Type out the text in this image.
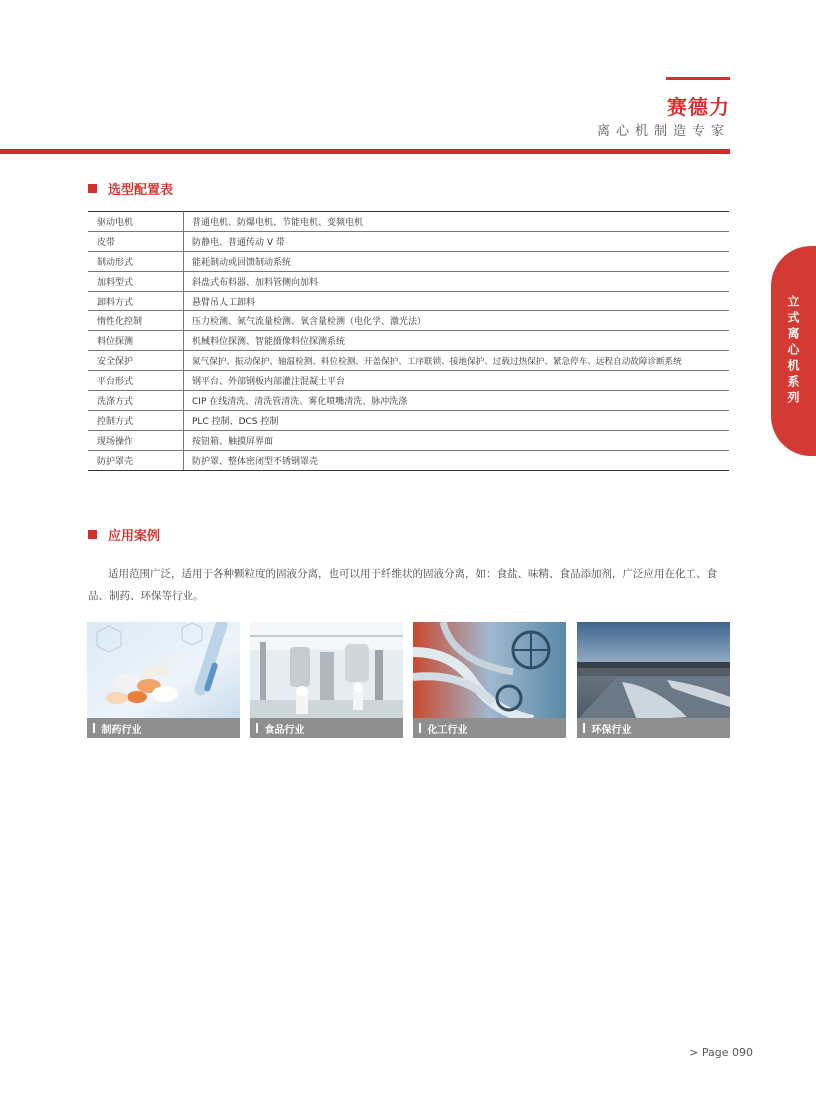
赛德力
离心机制造专家
立式离心机系列
选型配置表
驱动电机	普通电机、防爆电机、节能电机、变频电机
皮带	防静电、普通传动 V 带
制动形式	能耗制动或回馈制动系统
加料型式	斜盘式布料器、加料管侧向加料
卸料方式	悬臂吊人工卸料
惰性化控制	压力检测、氮气流量检测、氧含量检测（电化学、激光法）
料位探测	机械料位探测、智能摄像料位探测系统
安全保护	氮气保护、振动保护、轴温检测、料位检测、开盖保护、工序联锁、接地保护、过载过热保护、紧急停车、远程自动故障诊断系统
平台形式	钢平台、外部钢板内部灌注混凝土平台
洗涤方式	CIP 在线清洗、清洗管清洗、雾化喷嘴清洗、脉冲洗涤
控制方式	PLC 控制、DCS 控制
现场操作	按钮箱、触摸屏界面
防护罩壳	防护罩、整体密闭型不锈钢罩壳
应用案例
适用范围广泛，适用于各种颗粒度的固液分离，也可以用于纤维状的固液分离，如：食盐、味精、食品添加剂，广泛应用在化工、食品、制药、环保等行业。
制药行业	食品行业	化工行业	环保行业
> Page 090
